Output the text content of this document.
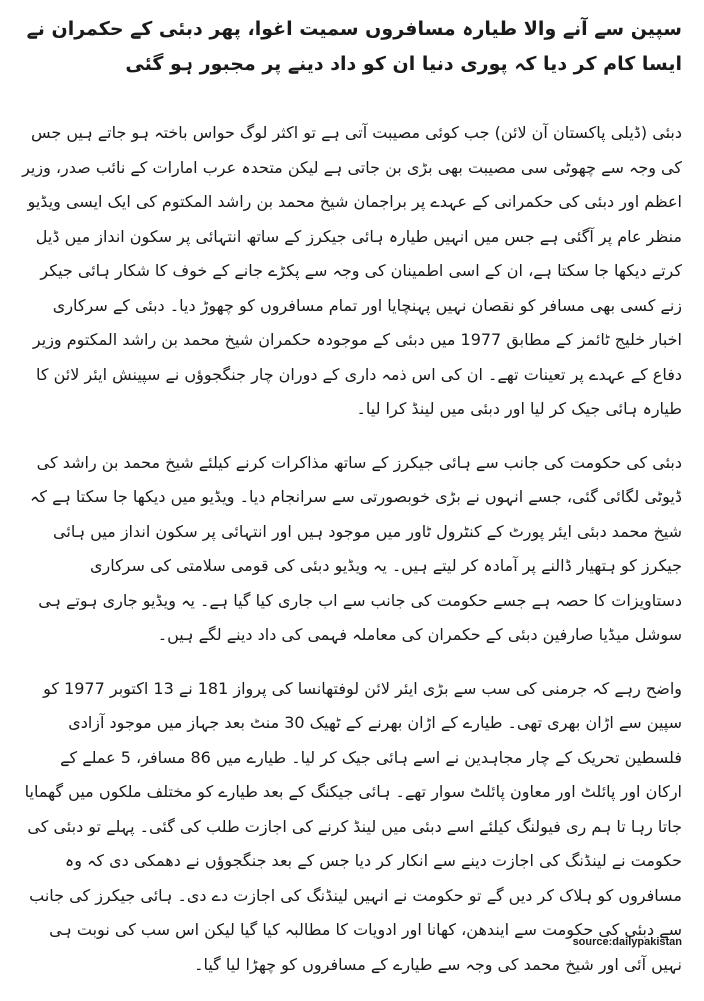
سپین سے آنے والا طیارہ مسافروں سمیت اغوا، پھر دبئی کے حکمران نے ایسا کام کر دیا کہ پوری دنیا ان کو داد دینے پر مجبور ہو گئی

دبئی (ڈیلی پاکستان آن لائن) جب کوئی مصیبت آتی ہے تو اکثر لوگ حواس باختہ ہو جاتے ہیں جس کی وجہ سے چھوٹی سی مصیبت بھی بڑی بن جاتی ہے لیکن متحدہ عرب امارات کے نائب صدر، وزیر اعظم اور دبئی کی حکمرانی کے عہدے پر براجمان شیخ محمد بن راشد المکتوم کی ایک ایسی ویڈیو منظر عام پر آگئی ہے جس میں انہیں طیارہ ہائی جیکرز کے ساتھ انتہائی پر سکون انداز میں ڈیل کرتے دیکھا جا سکتا ہے، ان کے اسی اطمینان کی وجہ سے پکڑے جانے کے خوف کا شکار ہائی جیکر زنے کسی بھی مسافر کو نقصان نہیں پہنچایا اور تمام مسافروں کو چھوڑ دیا۔ دبئی کے سرکاری اخبار خلیج ٹائمز کے مطابق 1977 میں دبئی کے موجودہ حکمران شیخ محمد بن راشد المکتوم وزیر دفاع کے عہدے پر تعینات تھے۔ ان کی اس ذمہ داری کے دوران چار جنگجوؤں نے سپینش ایئر لائن کا طیارہ ہائی جیک کر لیا اور دبئی میں لینڈ کرا لیا۔

دبئی کی حکومت کی جانب سے ہائی جیکرز کے ساتھ مذاکرات کرنے کیلئے شیخ محمد بن راشد کی ڈیوٹی لگائی گئی، جسے انہوں نے بڑی خوبصورتی سے سرانجام دیا۔ ویڈیو میں دیکھا جا سکتا ہے کہ شیخ محمد دبئی ایئر پورٹ کے کنٹرول ٹاور میں موجود ہیں اور انتہائی پر سکون انداز میں ہائی جیکرز کو ہتھیار ڈالنے پر آمادہ کر لیتے ہیں۔ یہ ویڈیو دبئی کی قومی سلامتی کی سرکاری دستاویزات کا حصہ ہے جسے حکومت کی جانب سے اب جاری کیا گیا ہے۔ یہ ویڈیو جاری ہوتے ہی سوشل میڈیا صارفین دبئی کے حکمران کی معاملہ فہمی کی داد دینے لگے ہیں۔

واضح رہے کہ جرمنی کی سب سے بڑی ایئر لائن لوفتھانسا کی پرواز 181 نے 13 اکتوبر 1977 کو سپین سے اڑان بھری تھی۔ طیارے کے اڑان بھرنے کے ٹھیک 30 منٹ بعد جہاز میں موجود آزادی فلسطین تحریک کے چار مجاہدین نے اسے ہائی جیک کر لیا۔ طیارے میں 86 مسافر، 5 عملے کے ارکان اور پائلٹ اور معاون پائلٹ سوار تھے۔ ہائی جیکنگ کے بعد طیارے کو مختلف ملکوں میں گھمایا جاتا رہا تا ہم ری فیولنگ کیلئے اسے دبئی میں لینڈ کرنے کی اجازت طلب کی گئی۔ پہلے تو دبئی کی حکومت نے لینڈنگ کی اجازت دینے سے انکار کر دیا جس کے بعد جنگجوؤں نے دھمکی دی کہ وہ مسافروں کو ہلاک کر دیں گے تو حکومت نے انہیں لینڈنگ کی اجازت دے دی۔ ہائی جیکرز کی جانب سے دبئی کی حکومت سے ایندھن، کھانا اور ادویات کا مطالبہ کیا گیا لیکن اس سب کی نوبت ہی نہیں آئی اور شیخ محمد کی وجہ سے طیارے کے مسافروں کو چھڑا لیا گیا۔

source:dailypakistan
